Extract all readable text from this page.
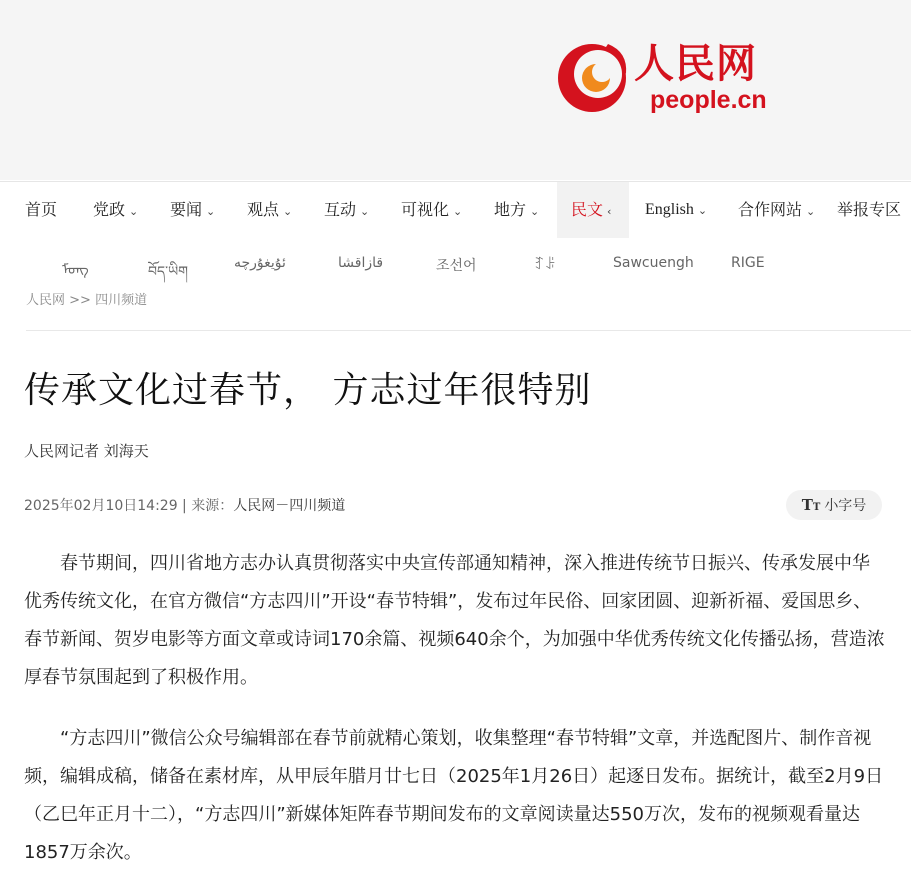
人民网
people.cn
首页 党政 ⌄ 要闻 ⌄ 观点 ⌄ 互动 ⌄ 可视化 ⌄ 地方 ⌄	民文 ‹	English ⌄ 合作网站 ⌄ 举报专区
ᠮᠣᠩ	བོད་ཡིག
ئۇيغۇرچە	قازاقشا	조선어	ꆈꌠ	Sawcuengh	RIGE
人民网 >> 四川频道
传承文化过春节， 方志过年很特别
人民网记者 刘海天
2025年02月10日14:29 | 来源：人民网－四川频道	TT 小字号
春节期间，四川省地方志办认真贯彻落实中央宣传部通知精神，深入推进传统节日振兴、传承发展中华优秀传统文化，在官方微信“方志四川”开设“春节特辑”，发布过年民俗、回家团圆、迎新祈福、爱国思乡、春节新闻、贺岁电影等方面文章或诗词170余篇、视频640余个，为加强中华优秀传统文化传播弘扬，营造浓厚春节氛围起到了积极作用。
“方志四川”微信公众号编辑部在春节前就精心策划，收集整理“春节特辑”文章，并选配图片、制作音视频，编辑成稿，储备在素材库，从甲辰年腊月廿七日（2025年1月26日）起逐日发布。据统计，截至2月9日（乙巳年正月十二），“方志四川”新媒体矩阵春节期间发布的文章阅读量达550万次，发布的视频观看量达1857万余次。
